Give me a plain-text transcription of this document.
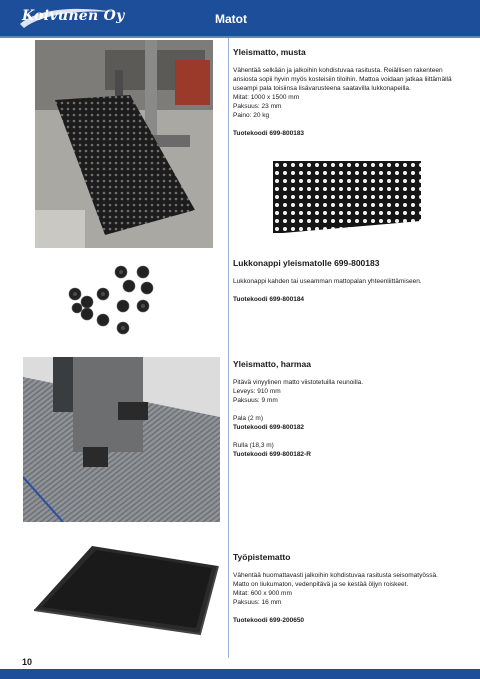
Koivunen Oy	Matot
Yleismatto, musta

Vähentää selkään ja jalkoihin kohdistuvaa rasitusta. Reiällisen rakenteen ansiosta sopii hyvin myös kosteisiin tiloihin. Mattoa voidaan jatkaa liittämällä useampi pala toisiinsa lisävarusteena saatavilla lukkonapeilla.

Mitat: 1000 x 1500 mm

Paksuus: 23 mm

Paino: 20 kg

Tuotekoodi 699-800183

Lukkonappi yleismatolle 699-800183

Lukkonappi kahden tai useamman mattopalan yhteenliittämiseen.

Tuotekoodi 699-800184

Yleismatto, harmaa

Pitävä vinyylinen matto viistotetuilla reunoilla.

Leveys: 910 mm

Paksuus: 9 mm

Pala (2 m)

Tuotekoodi 699-800182

Rulla (18,3 m)

Tuotekoodi 699-800182-R

Työpistematto

Vähentää huomattavasti jalkoihin kohdistuvaa rasitusta seisomatyössä. Matto on liukumaton, vedenpitävä ja se kestää öljyn roiskeet.

Mitat: 600 x 900 mm

Paksuus: 16 mm

Tuotekoodi 699-200650

10
